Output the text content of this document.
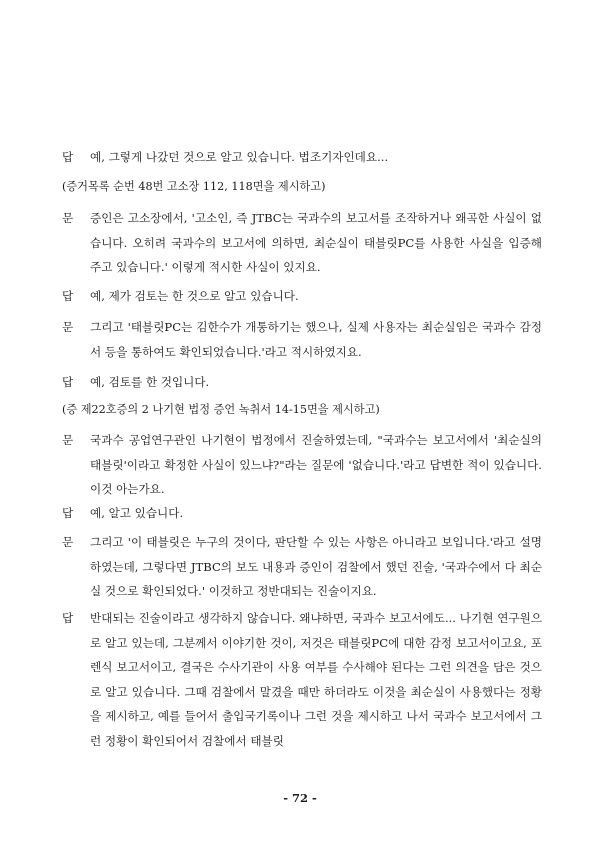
답	예, 그렇게 나갔던 것으로 알고 있습니다. 법조기자인데요...
(증거목록 순번 48번 고소장 112, 118면을 제시하고)
문	증인은 고소장에서, '고소인, 즉 JTBC는 국과수의 보고서를 조작하거나 왜곡한 사실이 없습니다. 오히려 국과수의 보고서에 의하면, 최순실이 태블릿PC를 사용한 사실을 입증해 주고 있습니다.' 이렇게 적시한 사실이 있지요.
답	예, 제가 검토는 한 것으로 알고 있습니다.
문	그리고 '태블릿PC는 김한수가 개통하기는 했으나, 실제 사용자는 최순실임은 국과수 감정서 등을 통하여도 확인되었습니다.'라고 적시하였지요.
답	예, 검토를 한 것입니다.
(증 제22호증의 2 나기현 법정 증언 녹취서 14-15면을 제시하고)
문	국과수 공업연구관인 나기현이 법정에서 진술하였는데, "국과수는 보고서에서 '최순실의 태블릿'이라고 확정한 사실이 있느냐?"라는 질문에 '없습니다.'라고 답변한 적이 있습니다. 이것 아는가요.
답	예, 알고 있습니다.
문	그리고 '이 태블릿은 누구의 것이다, 판단할 수 있는 사항은 아니라고 보입니다.'라고 설명하였는데, 그렇다면 JTBC의 보도 내용과 증인이 검찰에서 했던 진술, '국과수에서 다 최순실 것으로 확인되었다.' 이것하고 정반대되는 진술이지요.
답	반대되는 진술이라고 생각하지 않습니다. 왜냐하면, 국과수 보고서에도... 나기현 연구원으로 알고 있는데, 그분께서 이야기한 것이, 저것은 태블릿PC에 대한 감정 보고서이고요, 포렌식 보고서이고, 결국은 수사기관이 사용 여부를 수사해야 된다는 그런 의견을 담은 것으로 알고 있습니다. 그때 검찰에서 말겼을 때만 하더라도 이것을 최순실이 사용했다는 정황을 제시하고, 예를 들어서 출입국기록이나 그런 것을 제시하고 나서 국과수 보고서에서 그런 정황이 확인되어서 검찰에서 태블릿
- 72 -
